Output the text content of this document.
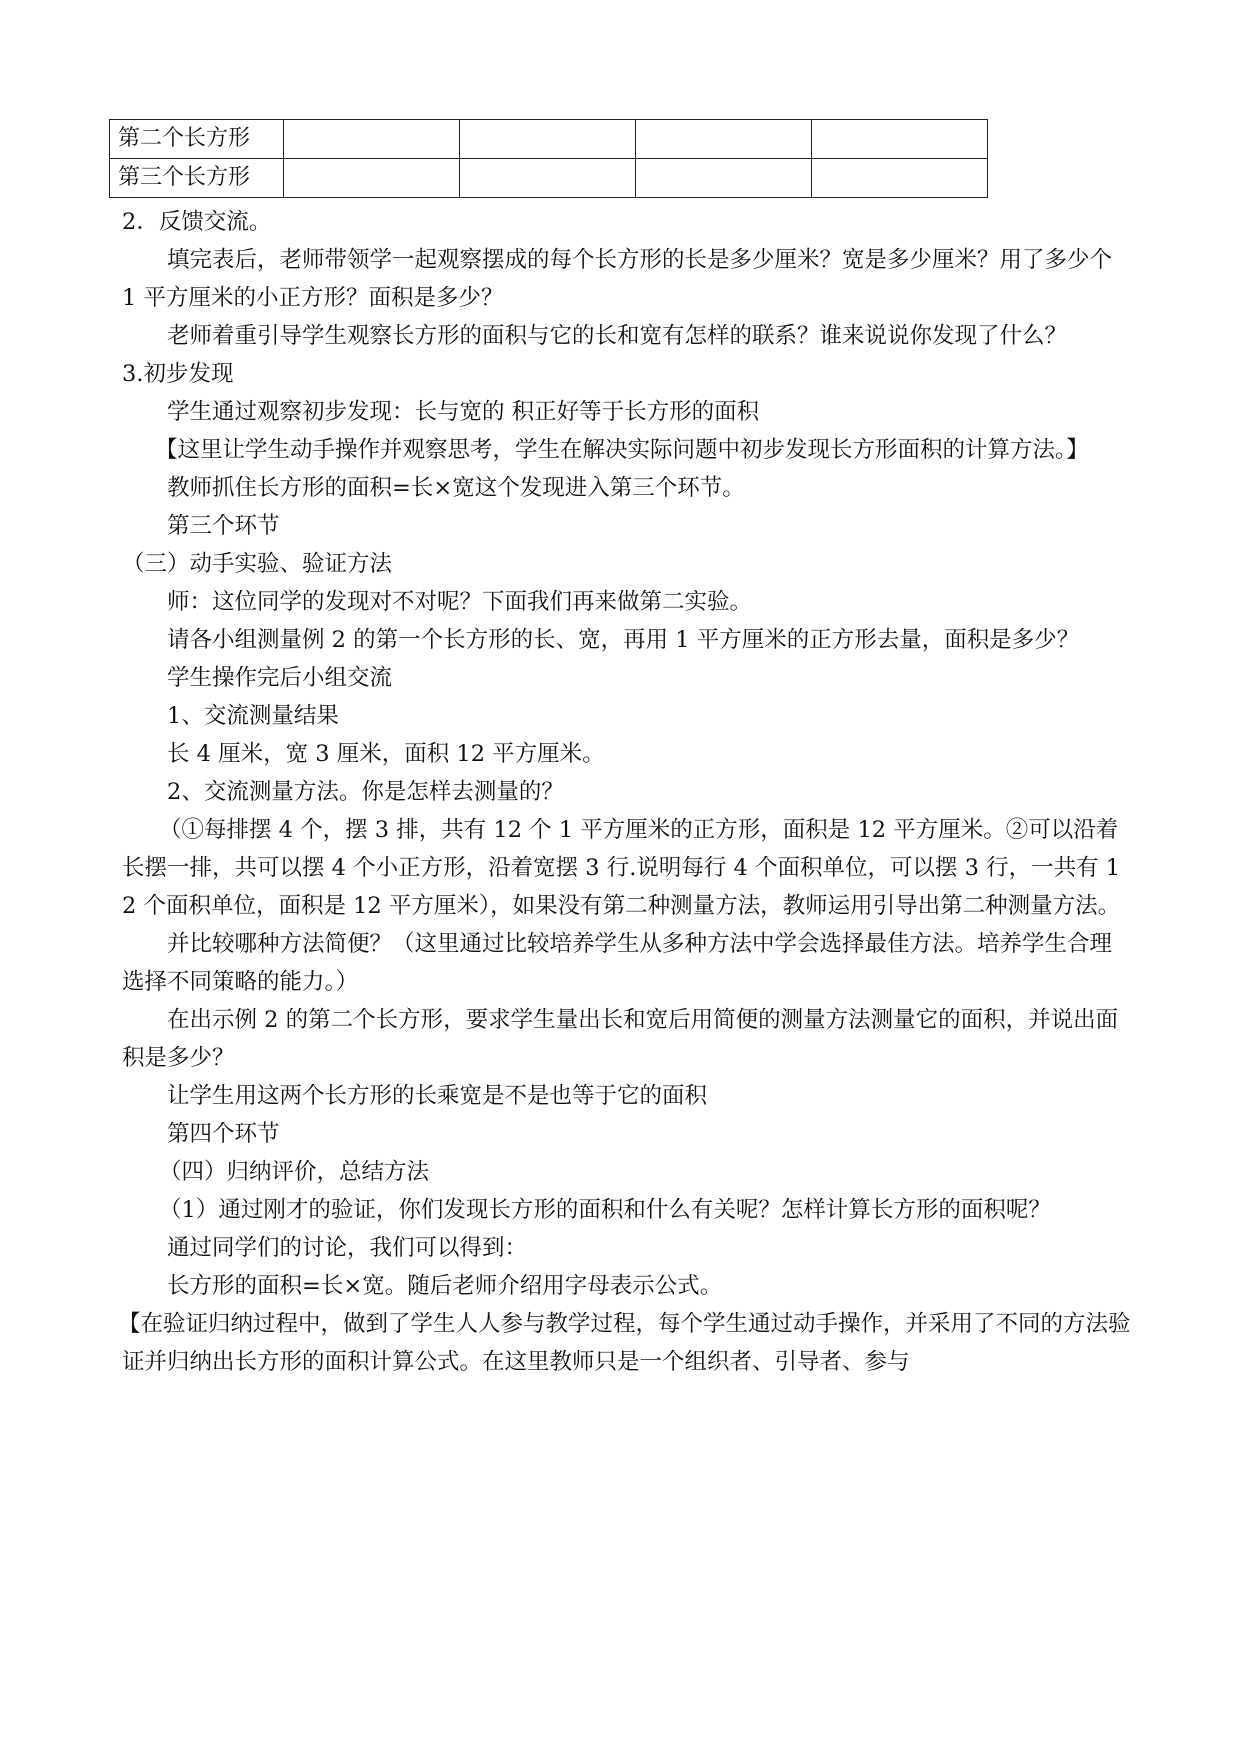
第二个长方形				
第三个长方形				

2．反馈交流。

填完表后，老师带领学一起观察摆成的每个长方形的长是多少厘米？宽是多少厘米？用了多少个 1 平方厘米的小正方形？面积是多少？

老师着重引导学生观察长方形的面积与它的长和宽有怎样的联系？谁来说说你发现了什么？

3.初步发现

学生通过观察初步发现：长与宽的 积正好等于长方形的面积

【这里让学生动手操作并观察思考，学生在解决实际问题中初步发现长方形面积的计算方法。】

教师抓住长方形的面积=长×宽这个发现进入第三个环节。

第三个环节

（三）动手实验、验证方法

师：这位同学的发现对不对呢？下面我们再来做第二实验。

请各小组测量例 2 的第一个长方形的长、宽，再用 1 平方厘米的正方形去量，面积是多少？

学生操作完后小组交流

1、交流测量结果

长 4 厘米，宽 3 厘米，面积 12 平方厘米。

2、交流测量方法。你是怎样去测量的？

（①每排摆 4 个，摆 3 排，共有 12 个 1 平方厘米的正方形，面积是 12 平方厘米。②可以沿着长摆一排，共可以摆 4 个小正方形，沿着宽摆 3 行.说明每行 4 个面积单位，可以摆 3 行，一共有 12 个面积单位，面积是 12 平方厘米），如果没有第二种测量方法，教师运用引导出第二种测量方法。

并比较哪种方法简便？（这里通过比较培养学生从多种方法中学会选择最佳方法。培养学生合理选择不同策略的能力。）

在出示例 2 的第二个长方形，要求学生量出长和宽后用简便的测量方法测量它的面积，并说出面积是多少？

让学生用这两个长方形的长乘宽是不是也等于它的面积

第四个环节

（四）归纳评价，总结方法

（1）通过刚才的验证，你们发现长方形的面积和什么有关呢？怎样计算长方形的面积呢？

通过同学们的讨论，我们可以得到：

长方形的面积=长×宽。随后老师介绍用字母表示公式。

【在验证归纳过程中，做到了学生人人参与教学过程，每个学生通过动手操作，并采用了不同的方法验证并归纳出长方形的面积计算公式。在这里教师只是一个组织者、引导者、参与
